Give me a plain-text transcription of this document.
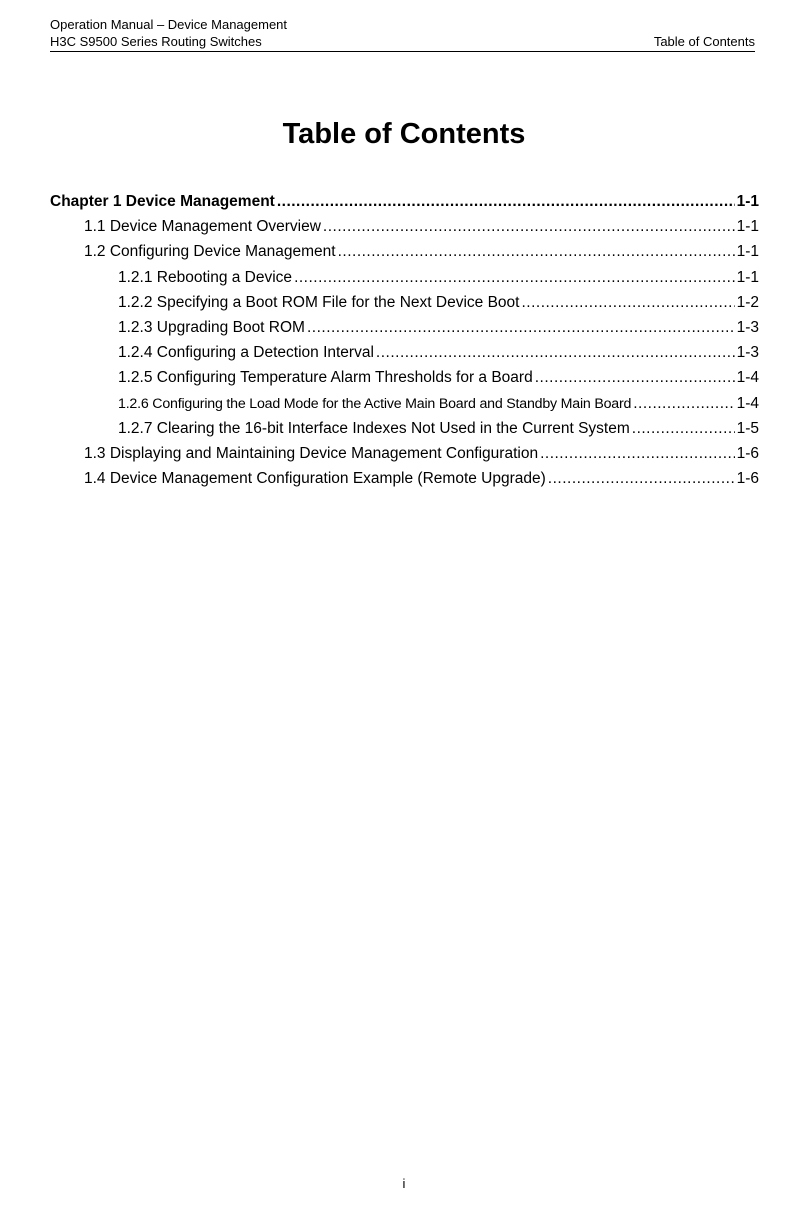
Operation Manual – Device Management
H3C S9500 Series Routing Switches	Table of Contents
Table of Contents
Chapter 1 Device Management .....	1-1
1.1 Device Management Overview .....	1-1
1.2 Configuring Device Management .....	1-1
1.2.1 Rebooting a Device .....	1-1
1.2.2 Specifying a Boot ROM File for the Next Device Boot .....	1-2
1.2.3 Upgrading Boot ROM .....	1-3
1.2.4 Configuring a Detection Interval .....	1-3
1.2.5 Configuring Temperature Alarm Thresholds for a Board .....	1-4
1.2.6 Configuring the Load Mode for the Active Main Board and Standby Main Board .....	1-4
1.2.7 Clearing the 16-bit Interface Indexes Not Used in the Current System .....	1-5
1.3 Displaying and Maintaining Device Management Configuration .....	1-6
1.4 Device Management Configuration Example (Remote Upgrade) .....	1-6
i
